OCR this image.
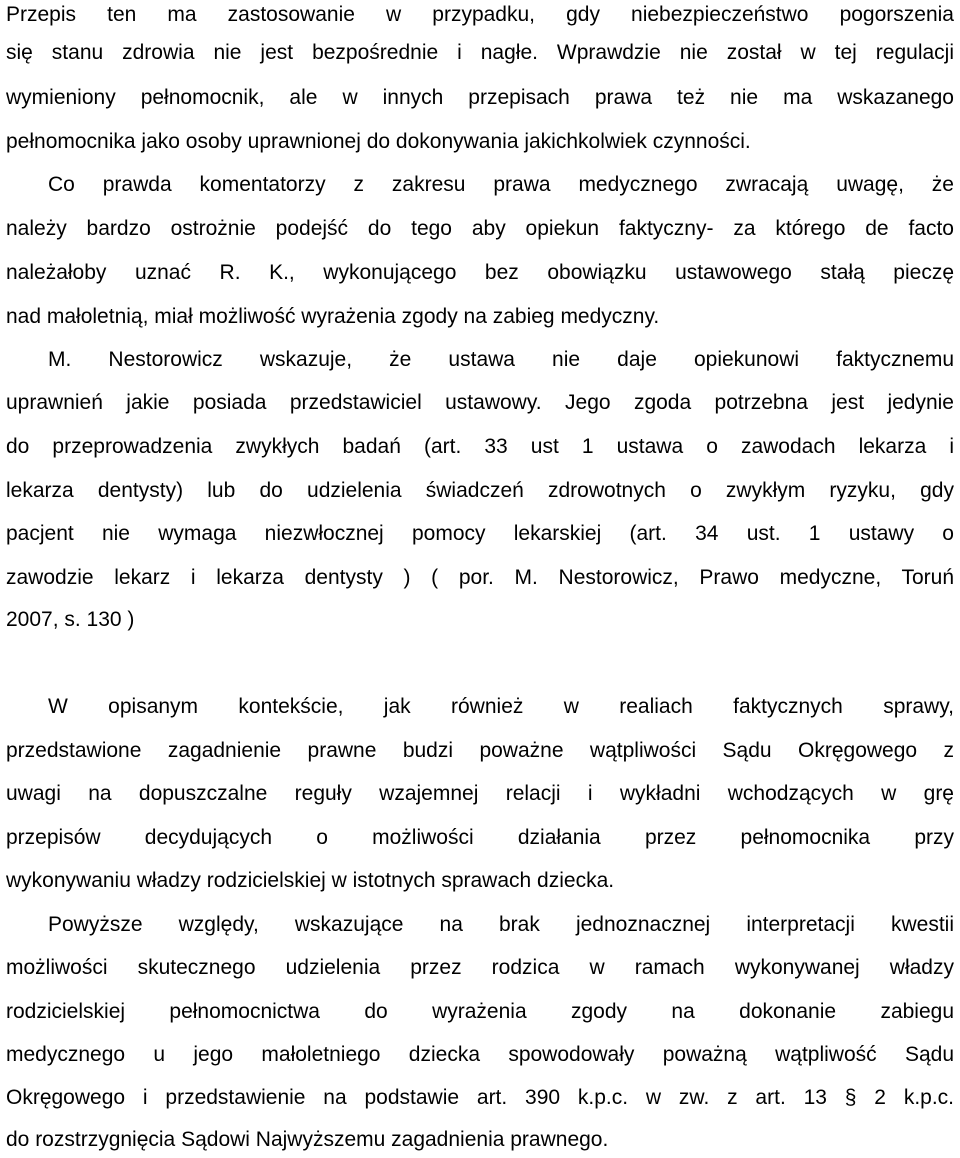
Przepis ten ma zastosowanie w przypadku, gdy niebezpieczeństwo pogorszenia
się stanu zdrowia nie jest bezpośrednie i nagłe. Wprawdzie nie został w tej regulacji
wymieniony pełnomocnik, ale w innych przepisach prawa też nie ma wskazanego
pełnomocnika jako osoby uprawnionej do dokonywania jakichkolwiek czynności.
Co prawda komentatorzy z zakresu prawa medycznego zwracają uwagę, że
należy bardzo ostrożnie podejść do tego aby opiekun faktyczny- za którego de facto
należałoby uznać R. K., wykonującego bez obowiązku ustawowego stałą pieczę
nad małoletnią, miał możliwość wyrażenia zgody na zabieg medyczny.
M. Nestorowicz wskazuje, że ustawa nie daje opiekunowi faktycznemu
uprawnień jakie posiada przedstawiciel ustawowy. Jego zgoda potrzebna jest jedynie
do przeprowadzenia zwykłych badań (art. 33 ust 1 ustawa o zawodach lekarza i
lekarza dentysty) lub do udzielenia świadczeń zdrowotnych o zwykłym ryzyku, gdy
pacjent nie wymaga niezwłocznej pomocy lekarskiej (art. 34 ust. 1 ustawy o
zawodzie lekarz i lekarza dentysty ) ( por. M. Nestorowicz, Prawo medyczne, Toruń
2007, s. 130 )
W opisanym kontekście, jak również w realiach faktycznych sprawy,
przedstawione zagadnienie prawne budzi poważne wątpliwości Sądu Okręgowego z
uwagi na dopuszczalne reguły wzajemnej relacji i wykładni wchodzących w grę
przepisów decydujących o możliwości działania przez pełnomocnika przy
wykonywaniu władzy rodzicielskiej w istotnych sprawach dziecka.
Powyższe względy, wskazujące na brak jednoznacznej interpretacji kwestii
możliwości skutecznego udzielenia przez rodzica w ramach wykonywanej władzy
rodzicielskiej pełnomocnictwa do wyrażenia zgody na dokonanie zabiegu
medycznego u jego małoletniego dziecka spowodowały poważną wątpliwość Sądu
Okręgowego i przedstawienie na podstawie art. 390 k.p.c. w zw. z art. 13 § 2 k.p.c.
do rozstrzygnięcia Sądowi Najwyższemu zagadnienia prawnego.
